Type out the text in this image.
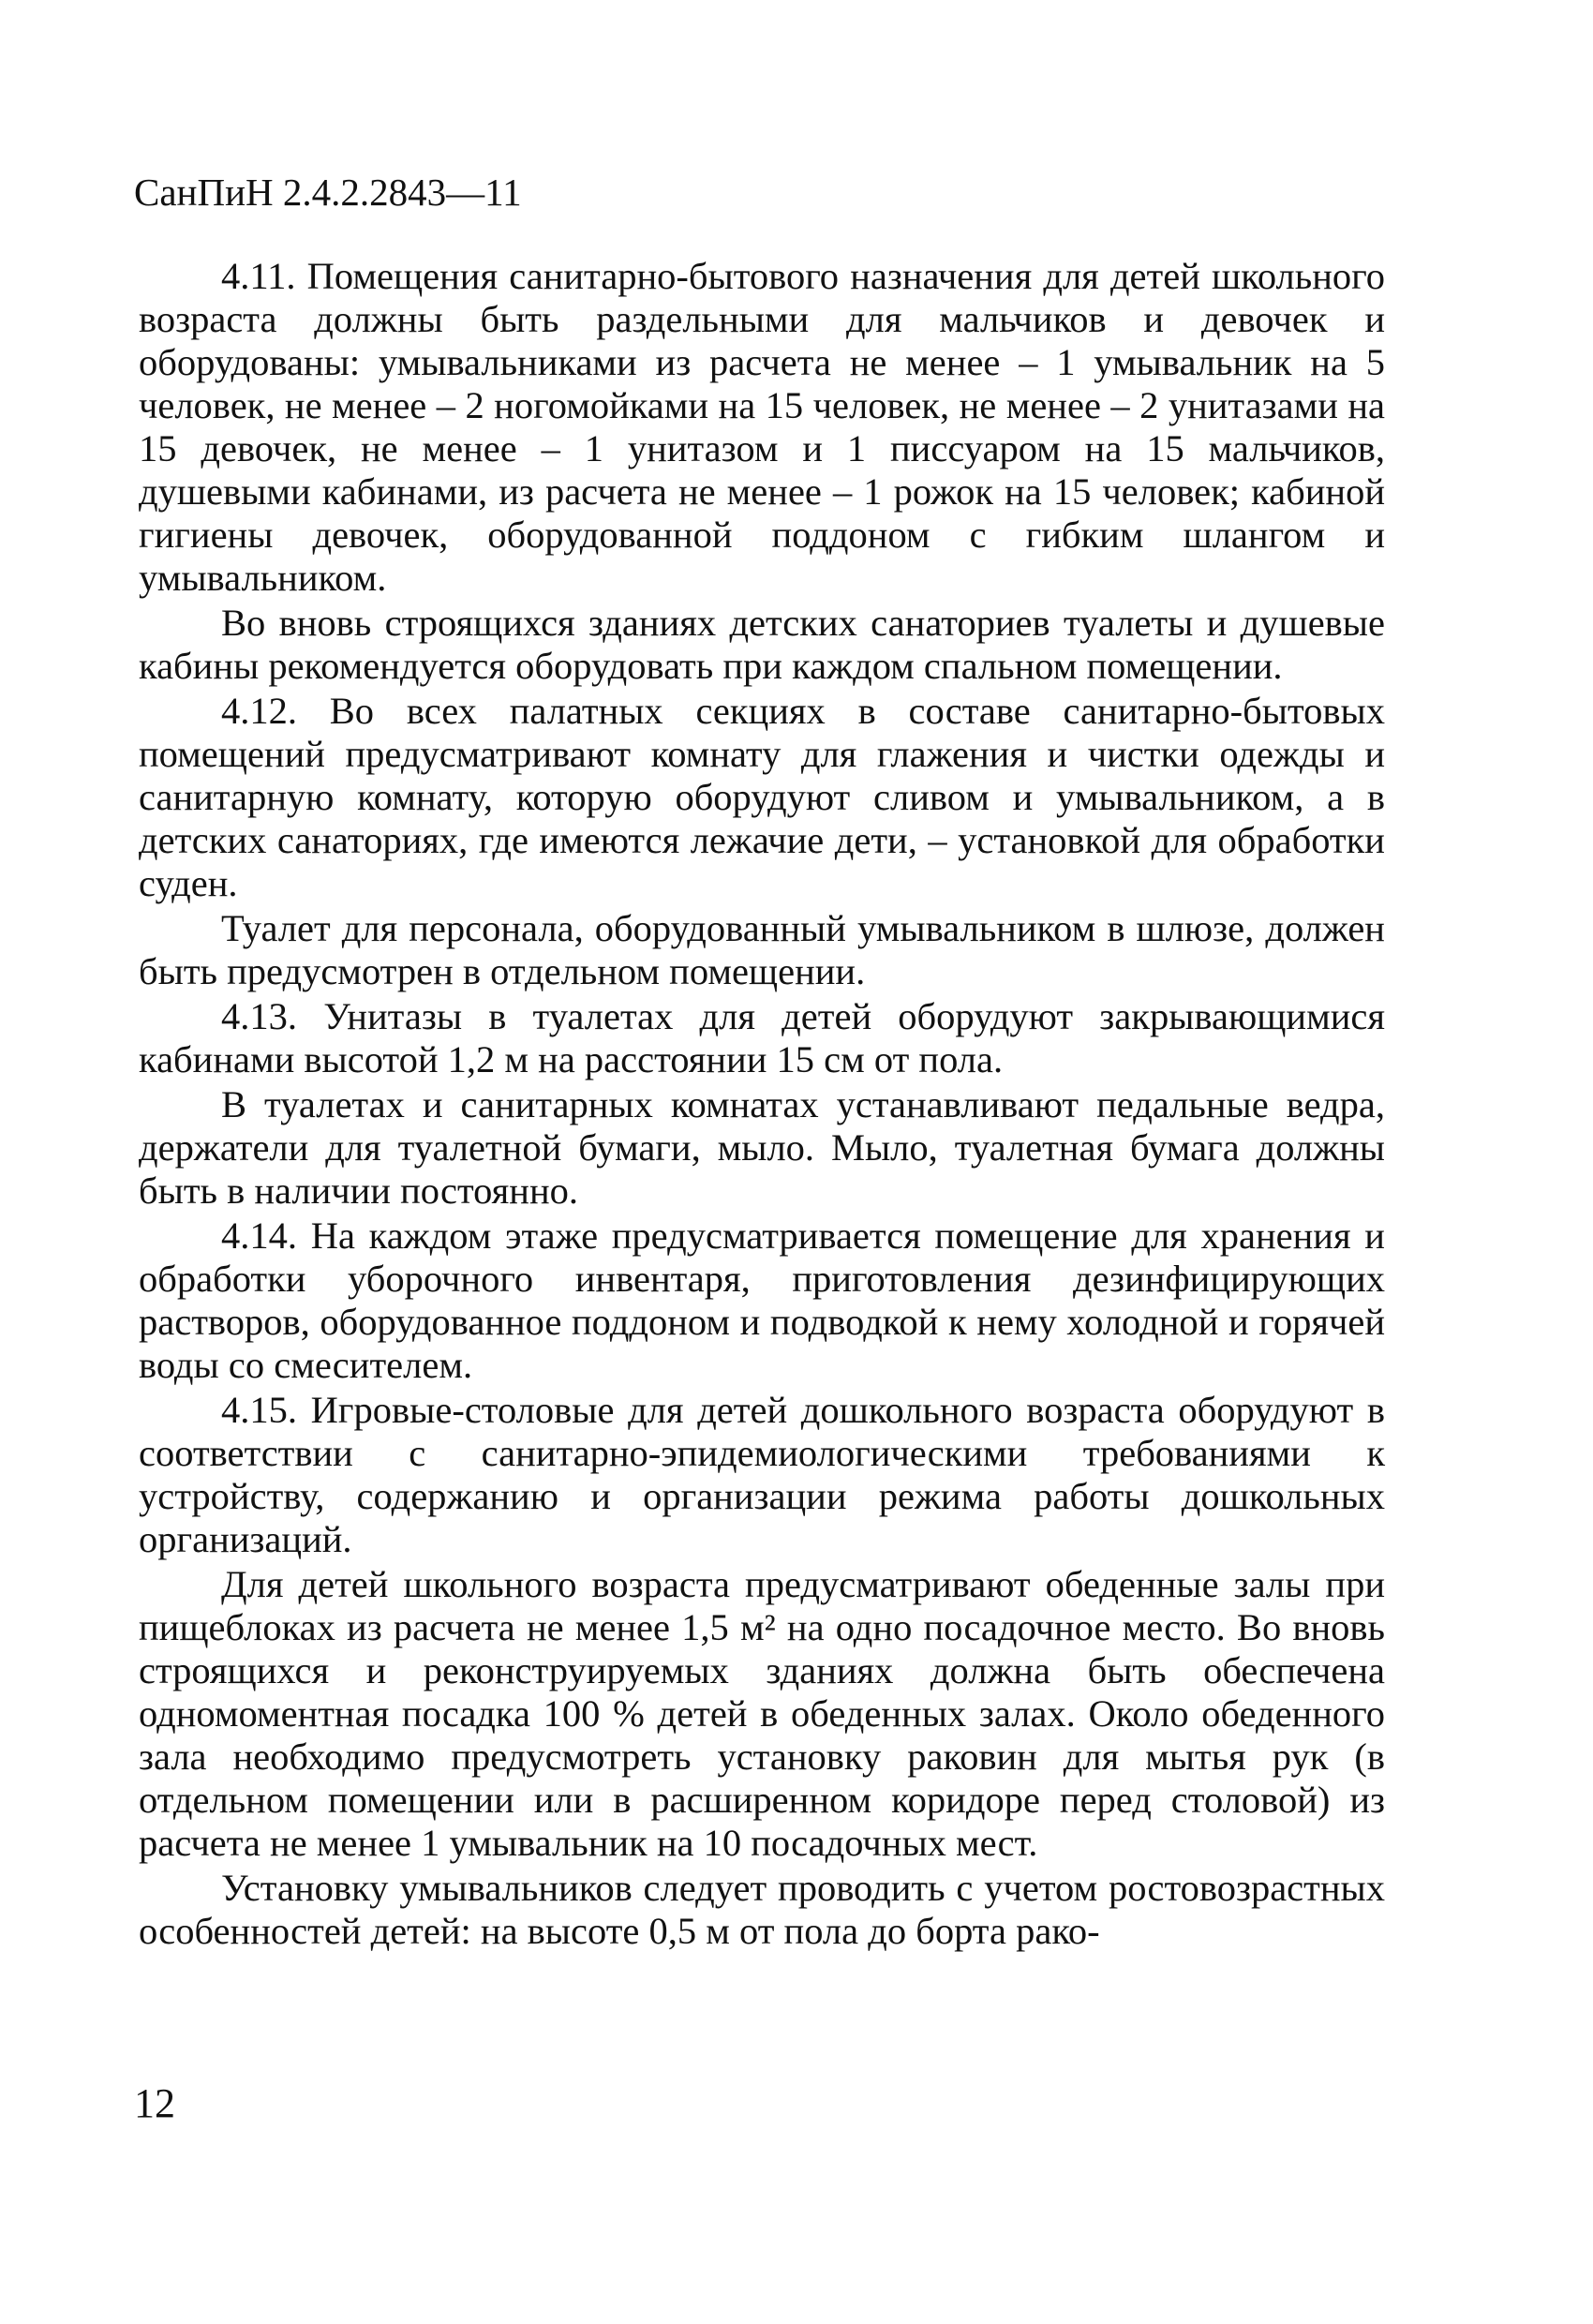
СанПиН 2.4.2.2843—11

4.11. Помещения санитарно-бытового назначения для детей школьного возраста должны быть раздельными для мальчиков и девочек и оборудованы: умывальниками из расчета не менее – 1 умывальник на 5 человек, не менее – 2 ногомойками на 15 человек, не менее – 2 унитазами на 15 девочек, не менее – 1 унитазом и 1 писсуаром на 15 мальчиков, душевыми кабинами, из расчета не менее – 1 рожок на 15 человек; кабиной гигиены девочек, оборудованной поддоном с гибким шлангом и умывальником.

Во вновь строящихся зданиях детских санаториев туалеты и душевые кабины рекомендуется оборудовать при каждом спальном помещении.

4.12. Во всех палатных секциях в составе санитарно-бытовых помещений предусматривают комнату для глажения и чистки одежды и санитарную комнату, которую оборудуют сливом и умывальником, а в детских санаториях, где имеются лежачие дети, – установкой для обработки суден.

Туалет для персонала, оборудованный умывальником в шлюзе, должен быть предусмотрен в отдельном помещении.

4.13. Унитазы в туалетах для детей оборудуют закрывающимися кабинами высотой 1,2 м на расстоянии 15 см от пола.

В туалетах и санитарных комнатах устанавливают педальные ведра, держатели для туалетной бумаги, мыло. Мыло, туалетная бумага должны быть в наличии постоянно.

4.14. На каждом этаже предусматривается помещение для хранения и обработки уборочного инвентаря, приготовления дезинфицирующих растворов, оборудованное поддоном и подводкой к нему холодной и горячей воды со смесителем.

4.15. Игровые-столовые для детей дошкольного возраста оборудуют в соответствии с санитарно-эпидемиологическими требованиями к устройству, содержанию и организации режима работы дошкольных организаций.

Для детей школьного возраста предусматривают обеденные залы при пищеблоках из расчета не менее 1,5 м² на одно посадочное место. Во вновь строящихся и реконструируемых зданиях должна быть обеспечена одномоментная посадка 100 % детей в обеденных залах. Около обеденного зала необходимо предусмотреть установку раковин для мытья рук (в отдельном помещении или в расширенном коридоре перед столовой) из расчета не менее 1 умывальник на 10 посадочных мест.

Установку умывальников следует проводить с учетом ростовозрастных особенностей детей: на высоте 0,5 м от пола до борта рако-

12
